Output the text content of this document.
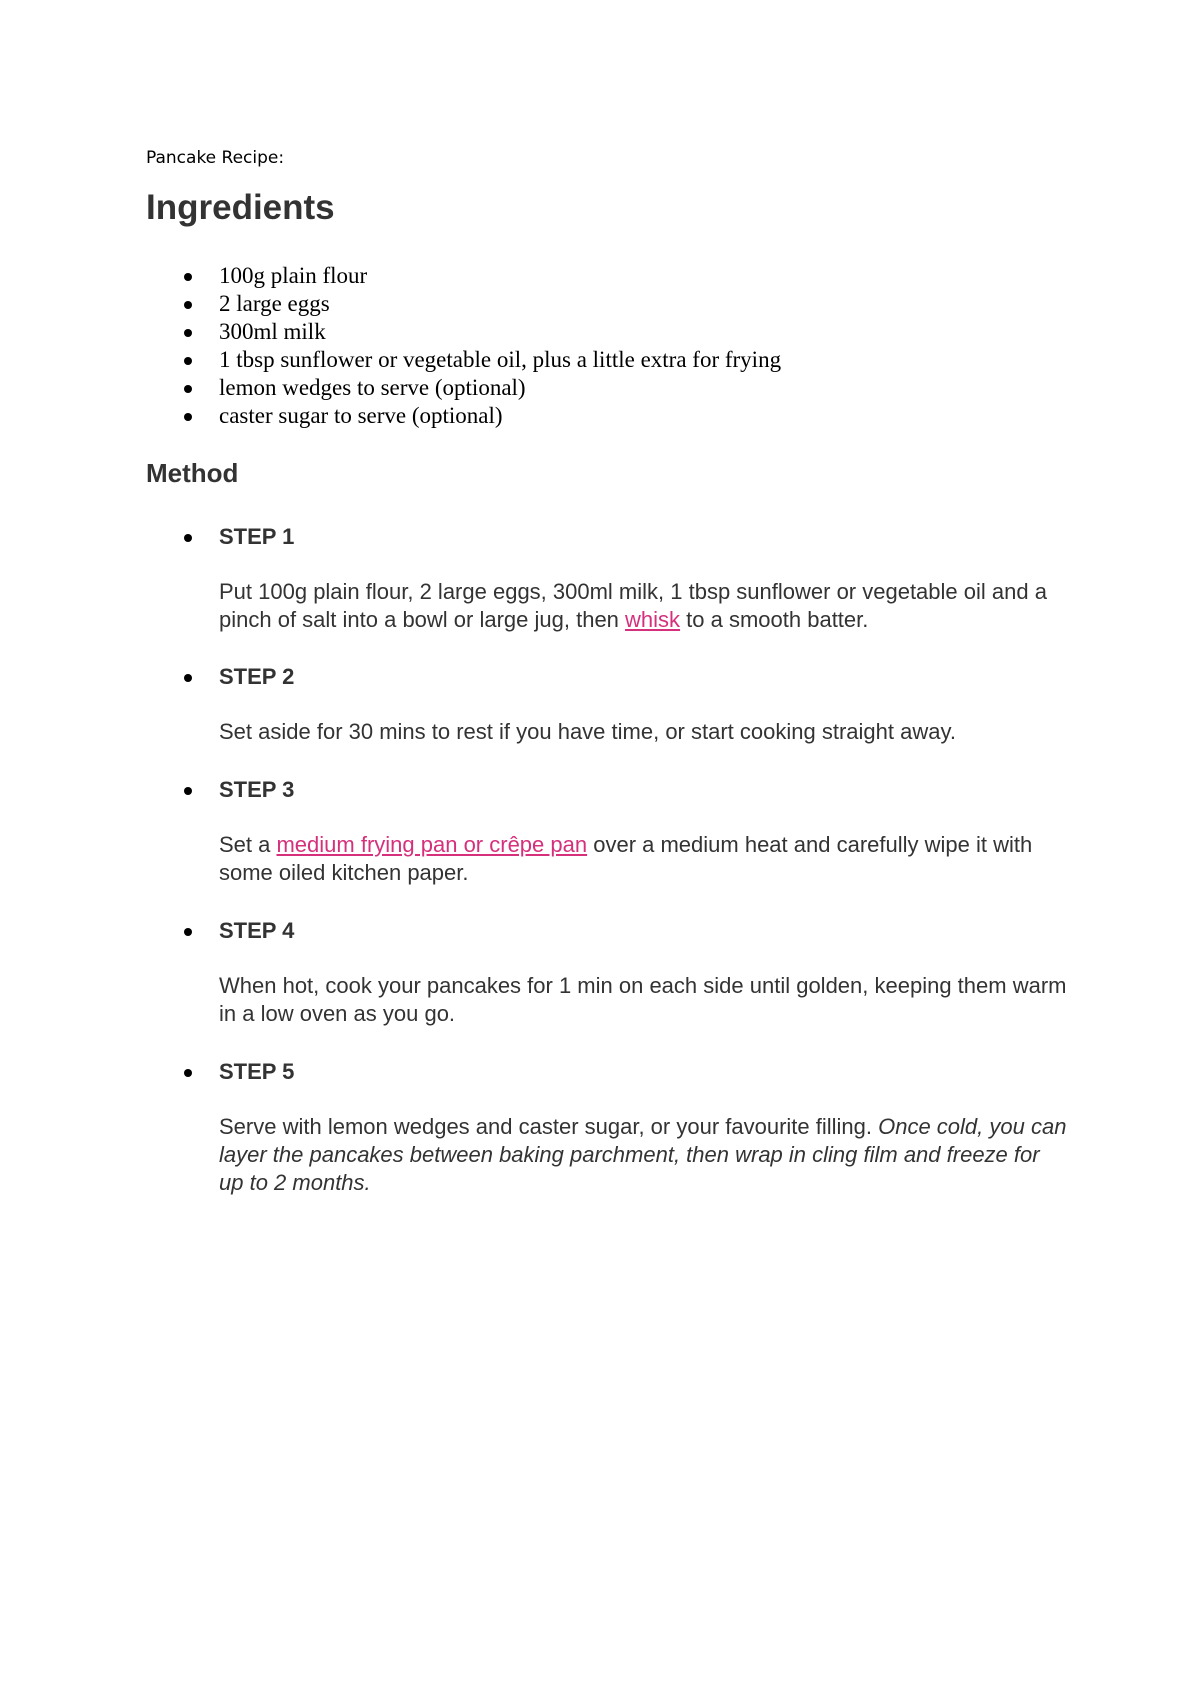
Pancake Recipe:
Ingredients
100g plain flour
2 large eggs
300ml milk
1 tbsp sunflower or vegetable oil, plus a little extra for frying
lemon wedges to serve (optional)
caster sugar to serve (optional)
Method
STEP 1

Put 100g plain flour, 2 large eggs, 300ml milk, 1 tbsp sunflower or vegetable oil and a pinch of salt into a bowl or large jug, then whisk to a smooth batter.

STEP 2

Set aside for 30 mins to rest if you have time, or start cooking straight away.

STEP 3

Set a medium frying pan or crêpe pan over a medium heat and carefully wipe it with some oiled kitchen paper.

STEP 4

When hot, cook your pancakes for 1 min on each side until golden, keeping them warm in a low oven as you go.

STEP 5

Serve with lemon wedges and caster sugar, or your favourite filling. Once cold, you can layer the pancakes between baking parchment, then wrap in cling film and freeze for up to 2 months.
